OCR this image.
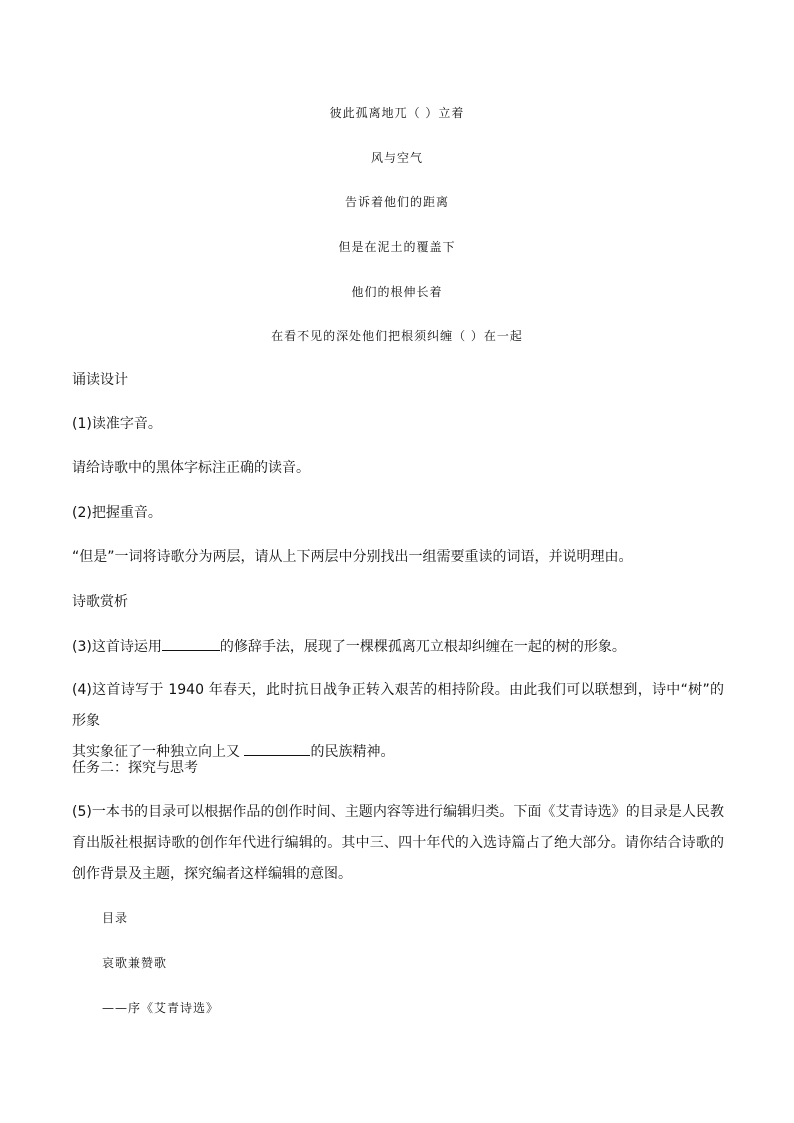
彼此孤离地兀（ ）立着
风与空气
告诉着他们的距离
但是在泥土的覆盖下
他们的根伸长着
在看不见的深处他们把根须纠缠（ ）在一起
诵读设计
(1)读准字音。
请给诗歌中的黑体字标注正确的读音。
(2)把握重音。
“但是”一词将诗歌分为两层，请从上下两层中分别找出一组需要重读的词语，并说明理由。
诗歌赏析
(3)这首诗运用	的修辞手法，展现了一棵棵孤离兀立根却纠缠在一起的树的形象。
(4)这首诗写于 1940 年春天，此时抗日战争正转入艰苦的相持阶段。由此我们可以联想到，诗中“树”的形象
其实象征了一种独立向上又	的民族精神。
任务二：探究与思考
(5)一本书的目录可以根据作品的创作时间、主题内容等进行编辑归类。下面《艾青诗选》的目录是人民教育出版社根据诗歌的创作年代进行编辑的。其中三、四十年代的入选诗篇占了绝大部分。请你结合诗歌的创作背景及主题，探究编者这样编辑的意图。
目录
哀歌兼赞歌
——序《艾青诗选》
